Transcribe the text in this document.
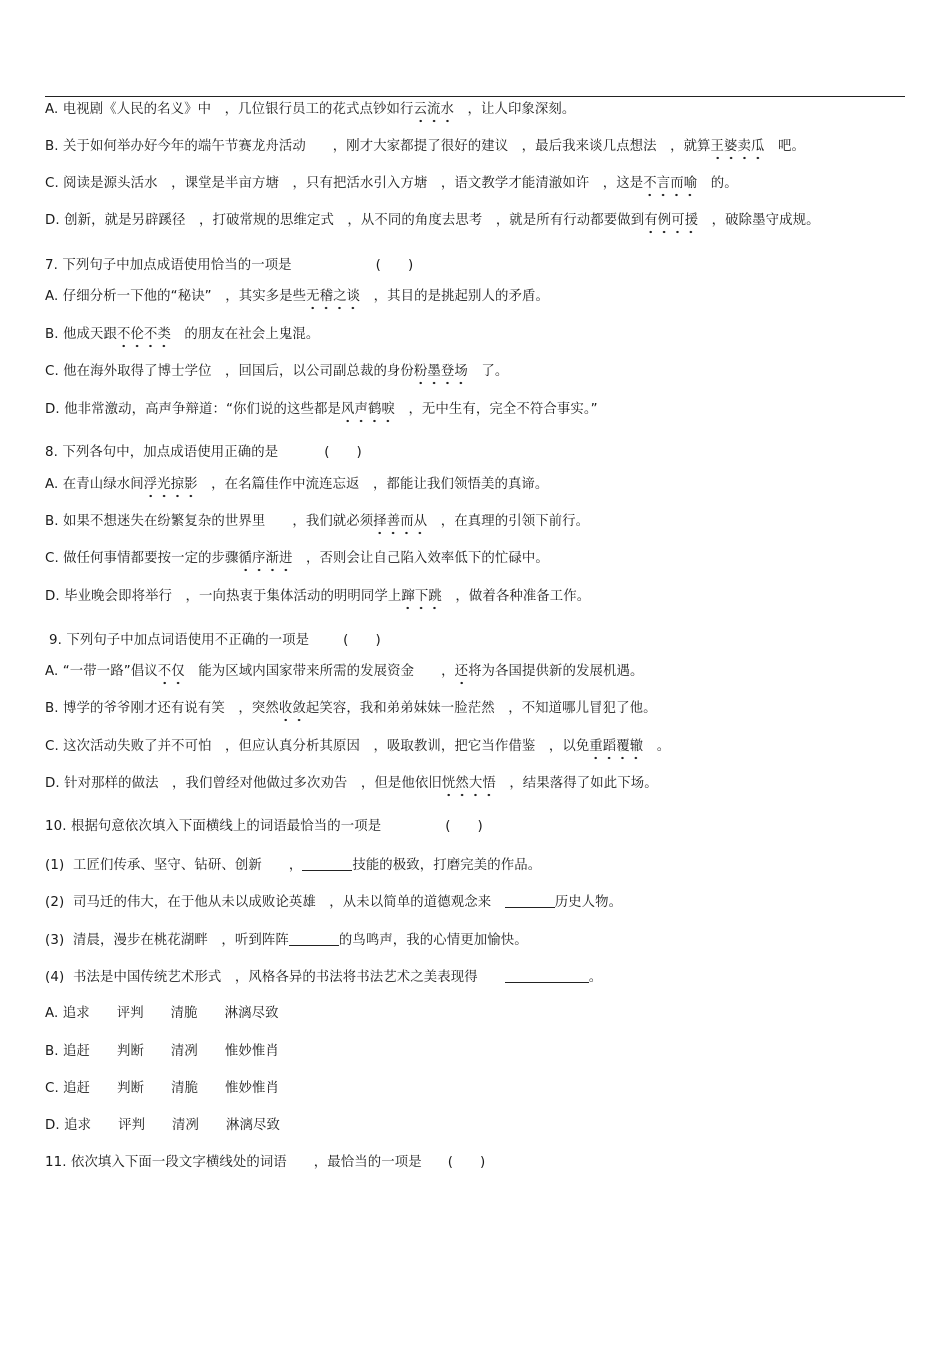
A. 电视剧《人民的名义》中　，几位银行员工的花式点钞如行云流水　，让人印象深刻。
B. 关于如何举办好今年的端午节赛龙舟活动　　，刚才大家都提了很好的建议　，最后我来谈几点想法　，就算王婆卖瓜　吧。
C. 阅读是源头活水　，课堂是半亩方塘　，只有把活水引入方塘　，语文教学才能清澈如许　，这是不言而喻　的。
D. 创新，就是另辟蹊径　，打破常规的思维定式　，从不同的角度去思考　，就是所有行动都要做到有例可援　，破除墨守成规。
7. 下列句子中加点成语使用恰当的一项是	(　　)
A. 仔细分析一下他的“秘诀”　，其实多是些无稽之谈　，其目的是挑起别人的矛盾。
B. 他成天跟不伦不类　的朋友在社会上鬼混。
C. 他在海外取得了博士学位　，回国后，以公司副总裁的身份粉墨登场　了。
D. 他非常激动，高声争辩道：“你们说的这些都是风声鹤唳　，无中生有，完全不符合事实。”
8. 下列各句中，加点成语使用正确的是	(　　)
A. 在青山绿水间浮光掠影　，在名篇佳作中流连忘返　，都能让我们领悟美的真谛。
B. 如果不想迷失在纷繁复杂的世界里　　，我们就必须择善而从　，在真理的引领下前行。
C. 做任何事情都要按一定的步骤循序渐进　，否则会让自己陷入效率低下的忙碌中。
D. 毕业晚会即将举行　，一向热衷于集体活动的明明同学上蹿下跳　，做着各种准备工作。
9. 下列句子中加点词语使用不正确的一项是	(　　)
A. “一带一路”倡议不仅　能为区域内国家带来所需的发展资金　　，还将为各国提供新的发展机遇。
B. 博学的爷爷刚才还有说有笑　，突然收敛起笑容，我和弟弟妹妹一脸茫然　，不知道哪儿冒犯了他。
C. 这次活动失败了并不可怕　，但应认真分析其原因　，吸取教训，把它当作借鉴　，以免重蹈覆辙　。
D. 针对那样的做法　，我们曾经对他做过多次劝告　，但是他依旧恍然大悟　，结果落得了如此下场。
10. 根据句意依次填入下面横线上的词语最恰当的一项是	(　　)
(1)  工匠们传承、坚守、钻研、创新　　，	技能的极致，打磨完美的作品。
(2)  司马迁的伟大，在于他从未以成败论英雄　，从未以简单的道德观念来　	历史人物。
(3)  清晨，漫步在桃花湖畔　，听到阵阵	的鸟鸣声，我的心情更加愉快。
(4)  书法是中国传统艺术形式　，风格各异的书法将书法艺术之美表现得　　	。
A. 追求　　评判　　清脆　　淋漓尽致
B. 追赶　　判断　　清冽　　惟妙惟肖
C. 追赶　　判断　　清脆　　惟妙惟肖
D. 追求　　评判　　清冽　　淋漓尽致
11. 依次填入下面一段文字横线处的词语　　，最恰当的一项是 (　　)
